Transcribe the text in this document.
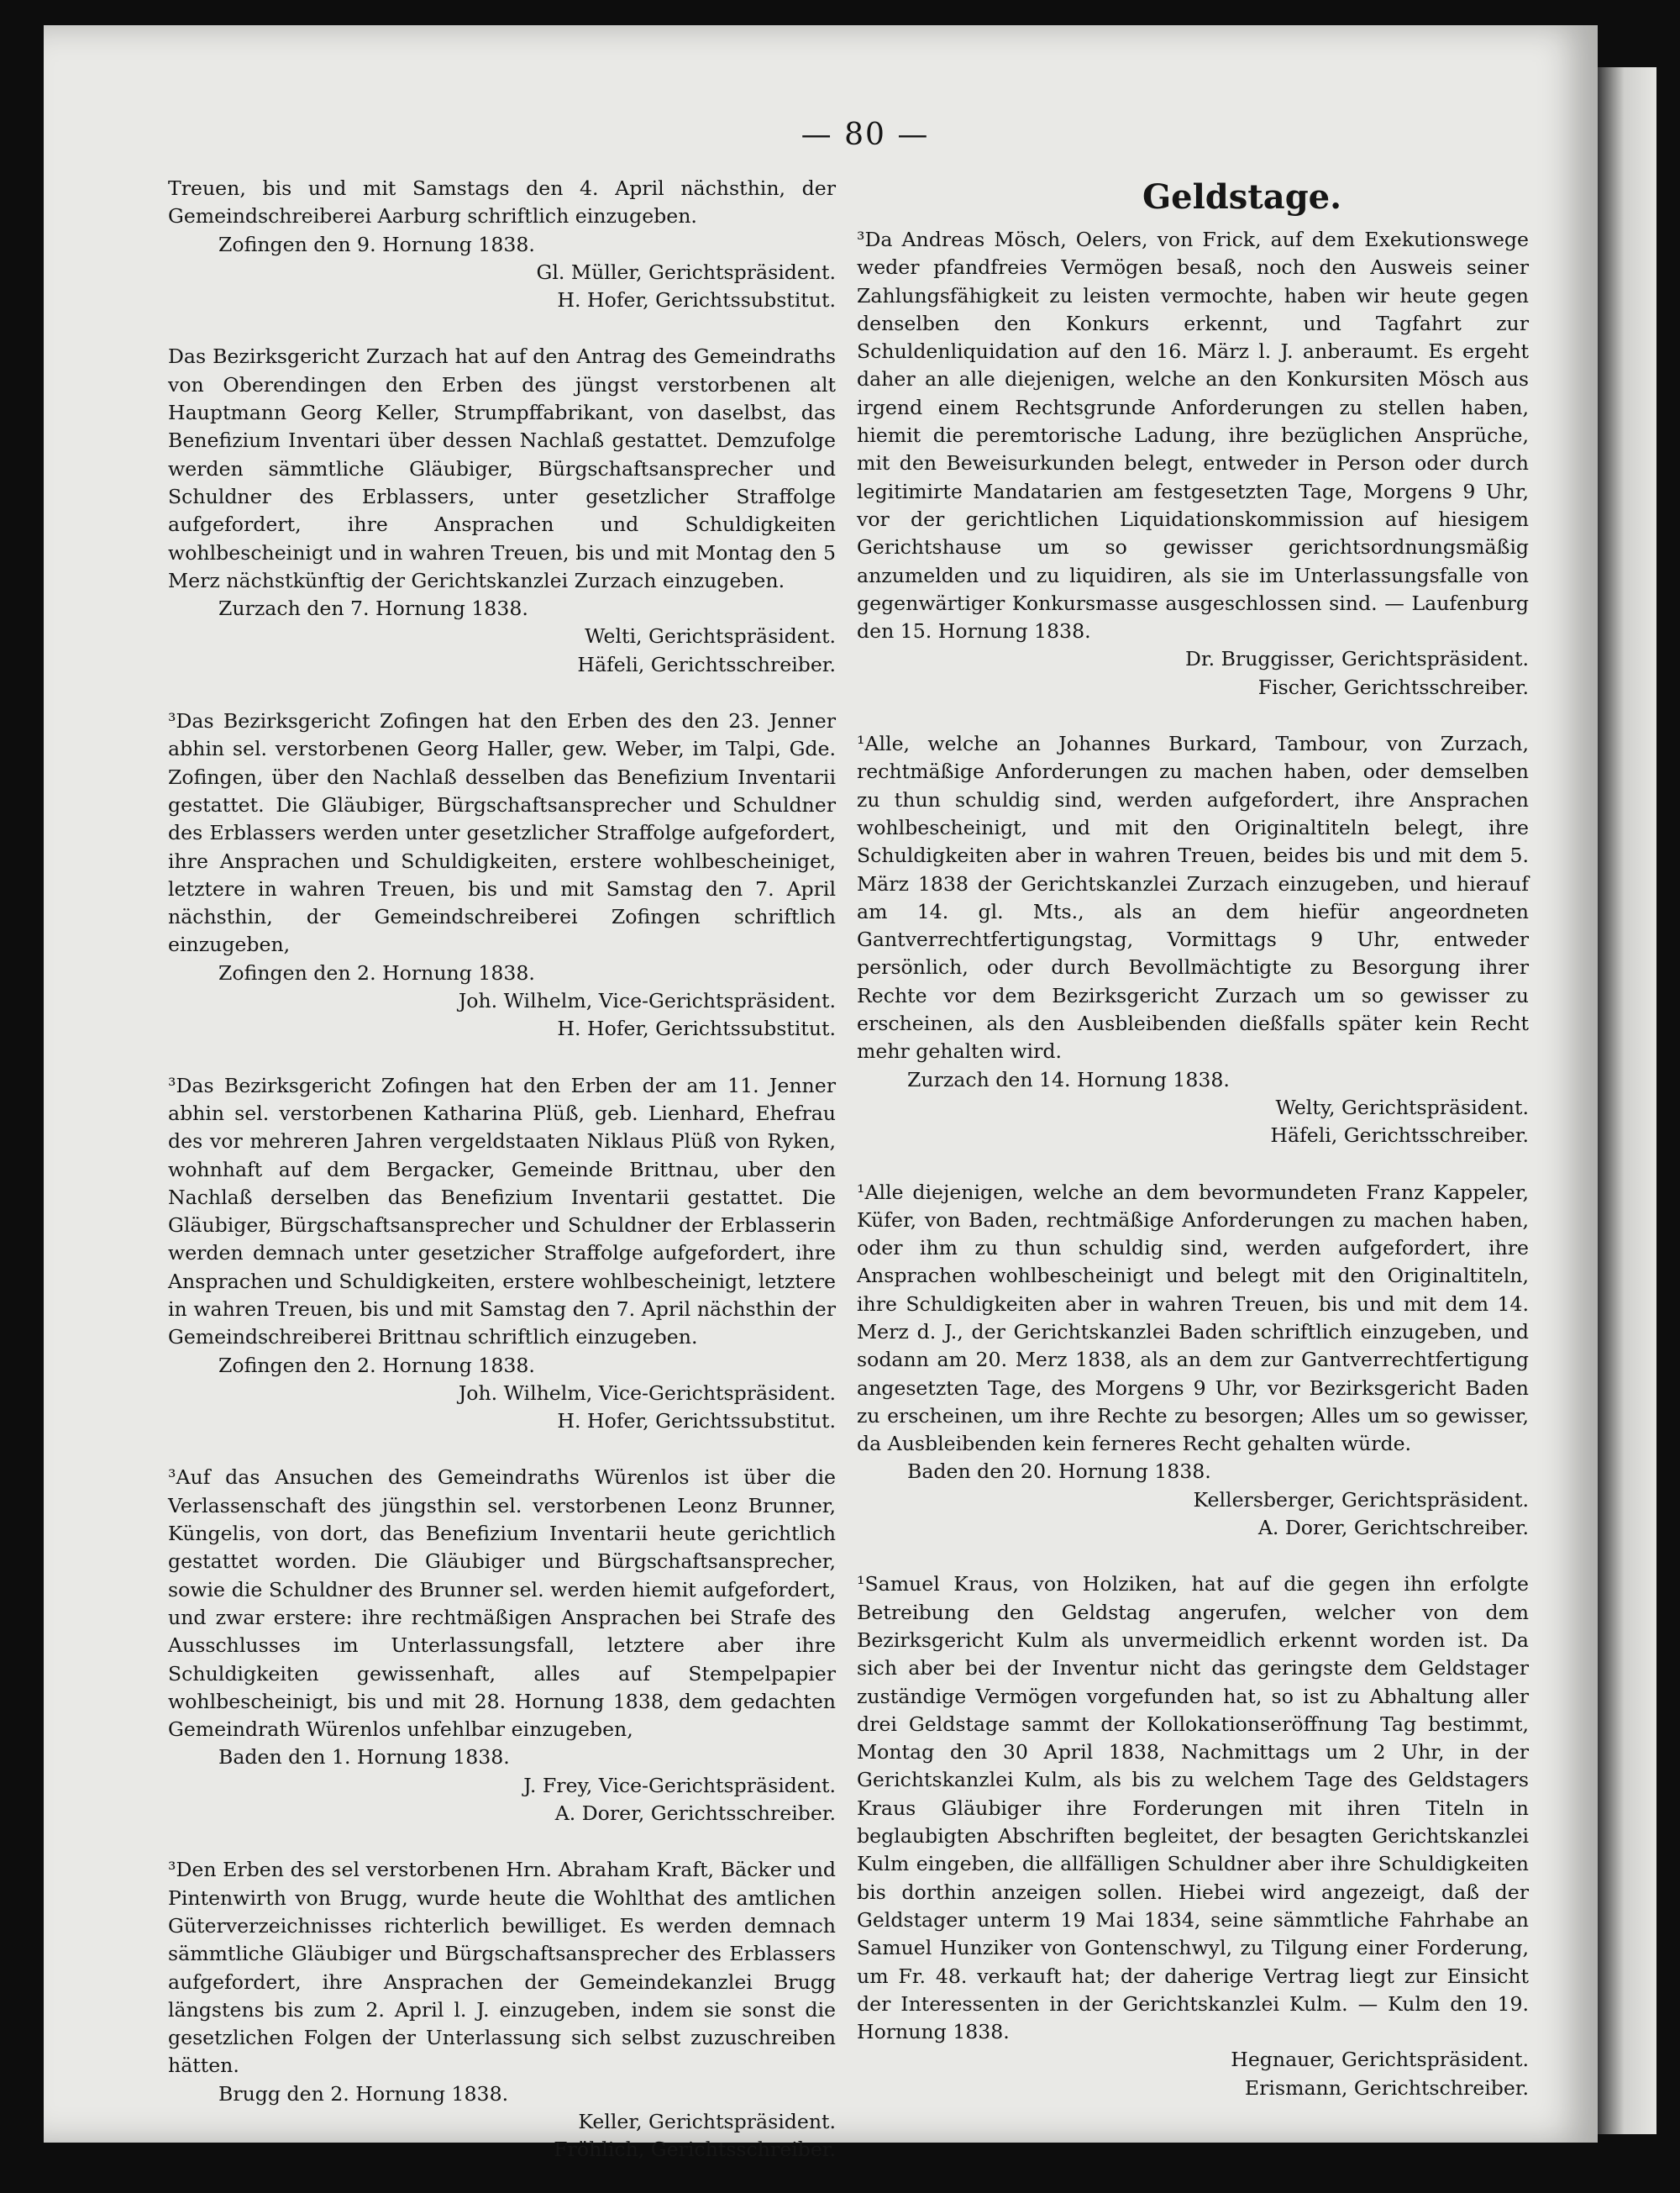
— 80 —

Treuen, bis und mit Samstags den 4. April nächsthin, der Gemeindschreiberei Aarburg schriftlich einzugeben.

Zofingen den 9. Hornung 1838.

Gl. Müller, Gerichtspräsident.

H. Hofer, Gerichtssubstitut.

Das Bezirksgericht Zurzach hat auf den Antrag des Gemeindraths von Oberendingen den Erben des jüngst verstorbenen alt Hauptmann Georg Keller, Strumpffabrikant, von daselbst, das Benefizium Inventari über dessen Nachlaß gestattet. Demzufolge werden sämmtliche Gläubiger, Bürgschaftsansprecher und Schuldner des Erblassers, unter gesetzlicher Straffolge aufgefordert, ihre Ansprachen und Schuldigkeiten wohlbescheinigt und in wahren Treuen, bis und mit Montag den 5 Merz nächstkünftig der Gerichtskanzlei Zurzach einzugeben.

Zurzach den 7. Hornung 1838.

Welti, Gerichtspräsident.

Häfeli, Gerichtsschreiber.

³Das Bezirksgericht Zofingen hat den Erben des den 23. Jenner abhin sel. verstorbenen Georg Haller, gew. Weber, im Talpi, Gde. Zofingen, über den Nachlaß desselben das Benefizium Inventarii gestattet. Die Gläubiger, Bürgschaftsansprecher und Schuldner des Erblassers werden unter gesetzlicher Straffolge aufgefordert, ihre Ansprachen und Schuldigkeiten, erstere wohlbescheiniget, letztere in wahren Treuen, bis und mit Samstag den 7. April nächsthin, der Gemeindschreiberei Zofingen schriftlich einzugeben,

Zofingen den 2. Hornung 1838.

Joh. Wilhelm, Vice-Gerichtspräsident.

H. Hofer, Gerichtssubstitut.

³Das Bezirksgericht Zofingen hat den Erben der am 11. Jenner abhin sel. verstorbenen Katharina Plüß, geb. Lienhard, Ehefrau des vor mehreren Jahren vergeldstaaten Niklaus Plüß von Ryken, wohnhaft auf dem Bergacker, Gemeinde Brittnau, uber den Nachlaß derselben das Benefizium Inventarii gestattet. Die Gläubiger, Bürgschaftsansprecher und Schuldner der Erblasserin werden demnach unter gesetzicher Straffolge aufgefordert, ihre Ansprachen und Schuldigkeiten, erstere wohlbescheinigt, letztere in wahren Treuen, bis und mit Samstag den 7. April nächsthin der Gemeindschreiberei Brittnau schriftlich einzugeben.

Zofingen den 2. Hornung 1838.

Joh. Wilhelm, Vice-Gerichtspräsident.

H. Hofer, Gerichtssubstitut.

³Auf das Ansuchen des Gemeindraths Würenlos ist über die Verlassenschaft des jüngsthin sel. verstorbenen Leonz Brunner, Küngelis, von dort, das Benefizium Inventarii heute gerichtlich gestattet worden. Die Gläubiger und Bürgschaftsansprecher, sowie die Schuldner des Brunner sel. werden hiemit aufgefordert, und zwar erstere: ihre rechtmäßigen Ansprachen bei Strafe des Ausschlusses im Unterlassungsfall, letztere aber ihre Schuldigkeiten gewissenhaft, alles auf Stempelpapier wohlbescheinigt, bis und mit 28. Hornung 1838, dem gedachten Gemeindrath Würenlos unfehlbar einzugeben,

Baden den 1. Hornung 1838.

J. Frey, Vice-Gerichtspräsident.

A. Dorer, Gerichtsschreiber.

³Den Erben des sel verstorbenen Hrn. Abraham Kraft, Bäcker und Pintenwirth von Brugg, wurde heute die Wohlthat des amtlichen Güterverzeichnisses richterlich bewilliget. Es werden demnach sämmtliche Gläubiger und Bürgschaftsansprecher des Erblassers aufgefordert, ihre Ansprachen der Gemeindekanzlei Brugg längstens bis zum 2. April l. J. einzugeben, indem sie sonst die gesetzlichen Folgen der Unterlassung sich selbst zuzuschreiben hätten.

Brugg den 2. Hornung 1838.

Keller, Gerichtspräsident.

Fröhlich, Gerichtsschreiber.

Geldstage.

³Da Andreas Mösch, Oelers, von Frick, auf dem Exekutionswege weder pfandfreies Vermögen besaß, noch den Ausweis seiner Zahlungsfähigkeit zu leisten vermochte, haben wir heute gegen denselben den Konkurs erkennt, und Tagfahrt zur Schuldenliquidation auf den 16. März l. J. anberaumt. Es ergeht daher an alle diejenigen, welche an den Konkursiten Mösch aus irgend einem Rechtsgrunde Anforderungen zu stellen haben, hiemit die peremtorische Ladung, ihre bezüglichen Ansprüche, mit den Beweisurkunden belegt, entweder in Person oder durch legitimirte Mandatarien am festgesetzten Tage, Morgens 9 Uhr, vor der gerichtlichen Liquidationskommission auf hiesigem Gerichtshause um so gewisser gerichtsordnungsmäßig anzumelden und zu liquidiren, als sie im Unterlassungsfalle von gegenwärtiger Konkursmasse ausgeschlossen sind. — Laufenburg den 15. Hornung 1838.

Dr. Bruggisser, Gerichtspräsident.

Fischer, Gerichtsschreiber.

¹Alle, welche an Johannes Burkard, Tambour, von Zurzach, rechtmäßige Anforderungen zu machen haben, oder demselben zu thun schuldig sind, werden aufgefordert, ihre Ansprachen wohlbescheinigt, und mit den Originaltiteln belegt, ihre Schuldigkeiten aber in wahren Treuen, beides bis und mit dem 5. März 1838 der Gerichtskanzlei Zurzach einzugeben, und hierauf am 14. gl. Mts., als an dem hiefür angeordneten Gantverrechtfertigungstag, Vormittags 9 Uhr, entweder persönlich, oder durch Bevollmächtigte zu Besorgung ihrer Rechte vor dem Bezirksgericht Zurzach um so gewisser zu erscheinen, als den Ausbleibenden dießfalls später kein Recht mehr gehalten wird.

Zurzach den 14. Hornung 1838.

Welty, Gerichtspräsident.

Häfeli, Gerichtsschreiber.

¹Alle diejenigen, welche an dem bevormundeten Franz Kappeler, Küfer, von Baden, rechtmäßige Anforderungen zu machen haben, oder ihm zu thun schuldig sind, werden aufgefordert, ihre Ansprachen wohlbescheinigt und belegt mit den Originaltiteln, ihre Schuldigkeiten aber in wahren Treuen, bis und mit dem 14. Merz d. J., der Gerichtskanzlei Baden schriftlich einzugeben, und sodann am 20. Merz 1838, als an dem zur Gantverrechtfertigung angesetzten Tage, des Morgens 9 Uhr, vor Bezirksgericht Baden zu erscheinen, um ihre Rechte zu besorgen; Alles um so gewisser, da Ausbleibenden kein ferneres Recht gehalten würde.

Baden den 20. Hornung 1838.

Kellersberger, Gerichtspräsident.

A. Dorer, Gerichtschreiber.

¹Samuel Kraus, von Holziken, hat auf die gegen ihn erfolgte Betreibung den Geldstag angerufen, welcher von dem Bezirksgericht Kulm als unvermeidlich erkennt worden ist. Da sich aber bei der Inventur nicht das geringste dem Geldstager zuständige Vermögen vorgefunden hat, so ist zu Abhaltung aller drei Geldstage sammt der Kollokationseröffnung Tag bestimmt, Montag den 30 April 1838, Nachmittags um 2 Uhr, in der Gerichtskanzlei Kulm, als bis zu welchem Tage des Geldstagers Kraus Gläubiger ihre Forderungen mit ihren Titeln in beglaubigten Abschriften begleitet, der besagten Gerichtskanzlei Kulm eingeben, die allfälligen Schuldner aber ihre Schuldigkeiten bis dorthin anzeigen sollen. Hiebei wird angezeigt, daß der Geldstager unterm 19 Mai 1834, seine sämmtliche Fahrhabe an Samuel Hunziker von Gontenschwyl, zu Tilgung einer Forderung, um Fr. 48. verkauft hat; der daherige Vertrag liegt zur Einsicht der Interessenten in der Gerichtskanzlei Kulm. — Kulm den 19. Hornung 1838.

Hegnauer, Gerichtspräsident.

Erismann, Gerichtschreiber.
